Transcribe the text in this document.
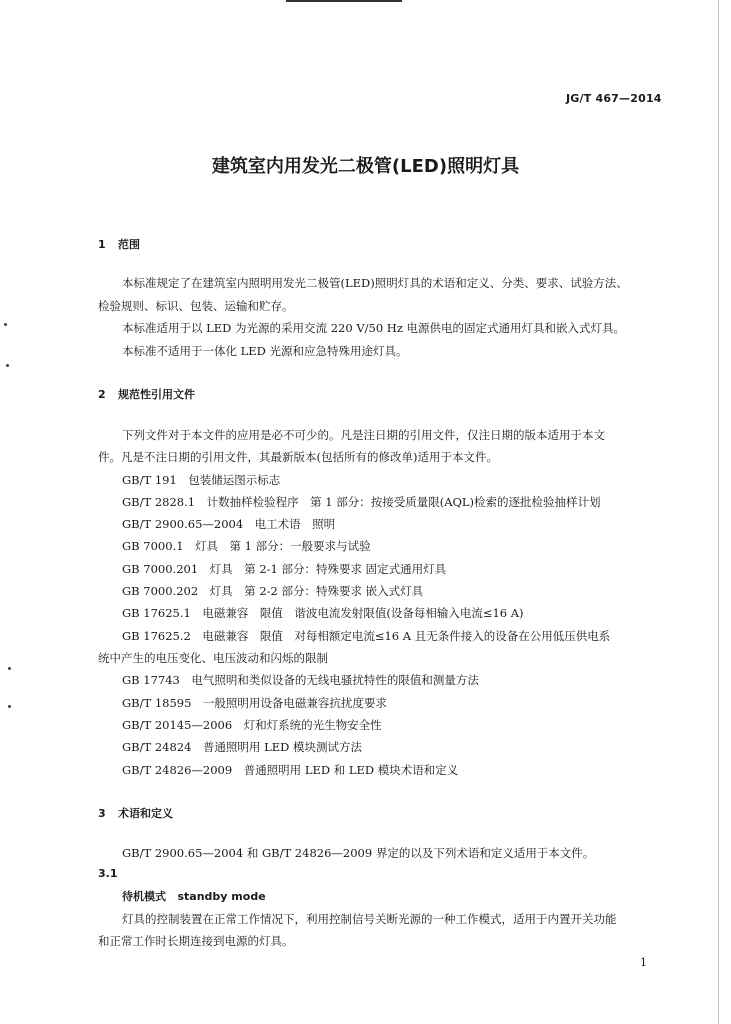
JG/T 467—2014
建筑室内用发光二极管(LED)照明灯具
1 范围
本标准规定了在建筑室内照明用发光二极管(LED)照明灯具的术语和定义、分类、要求、试验方法、
检验规则、标识、包装、运输和贮存。
本标准适用于以 LED 为光源的采用交流 220 V/50 Hz 电源供电的固定式通用灯具和嵌入式灯具。
本标准不适用于一体化 LED 光源和应急特殊用途灯具。
2 规范性引用文件
下列文件对于本文件的应用是必不可少的。凡是注日期的引用文件，仅注日期的版本适用于本文
件。凡是不注日期的引用文件，其最新版本(包括所有的修改单)适用于本文件。
GB/T 191　包装储运图示标志
GB/T 2828.1　计数抽样检验程序　第 1 部分：按接受质量限(AQL)检索的逐批检验抽样计划
GB/T 2900.65—2004　电工术语　照明
GB 7000.1　灯具　第 1 部分：一般要求与试验
GB 7000.201　灯具　第 2-1 部分：特殊要求 固定式通用灯具
GB 7000.202　灯具　第 2-2 部分：特殊要求 嵌入式灯具
GB 17625.1　电磁兼容　限值　谐波电流发射限值(设备每相输入电流≤16 A)
GB 17625.2　电磁兼容　限值　对每相额定电流≤16 A 且无条件接入的设备在公用低压供电系
统中产生的电压变化、电压波动和闪烁的限制
GB 17743　电气照明和类似设备的无线电骚扰特性的限值和测量方法
GB/T 18595　一般照明用设备电磁兼容抗扰度要求
GB/T 20145—2006　灯和灯系统的光生物安全性
GB/T 24824　普通照明用 LED 模块测试方法
GB/T 24826—2009　普通照明用 LED 和 LED 模块术语和定义
3 术语和定义
GB/T 2900.65—2004 和 GB/T 24826—2009 界定的以及下列术语和定义适用于本文件。
3.1
待机模式 standby mode
灯具的控制装置在正常工作情况下，利用控制信号关断光源的一种工作模式，适用于内置开关功能
和正常工作时长期连接到电源的灯具。
1
